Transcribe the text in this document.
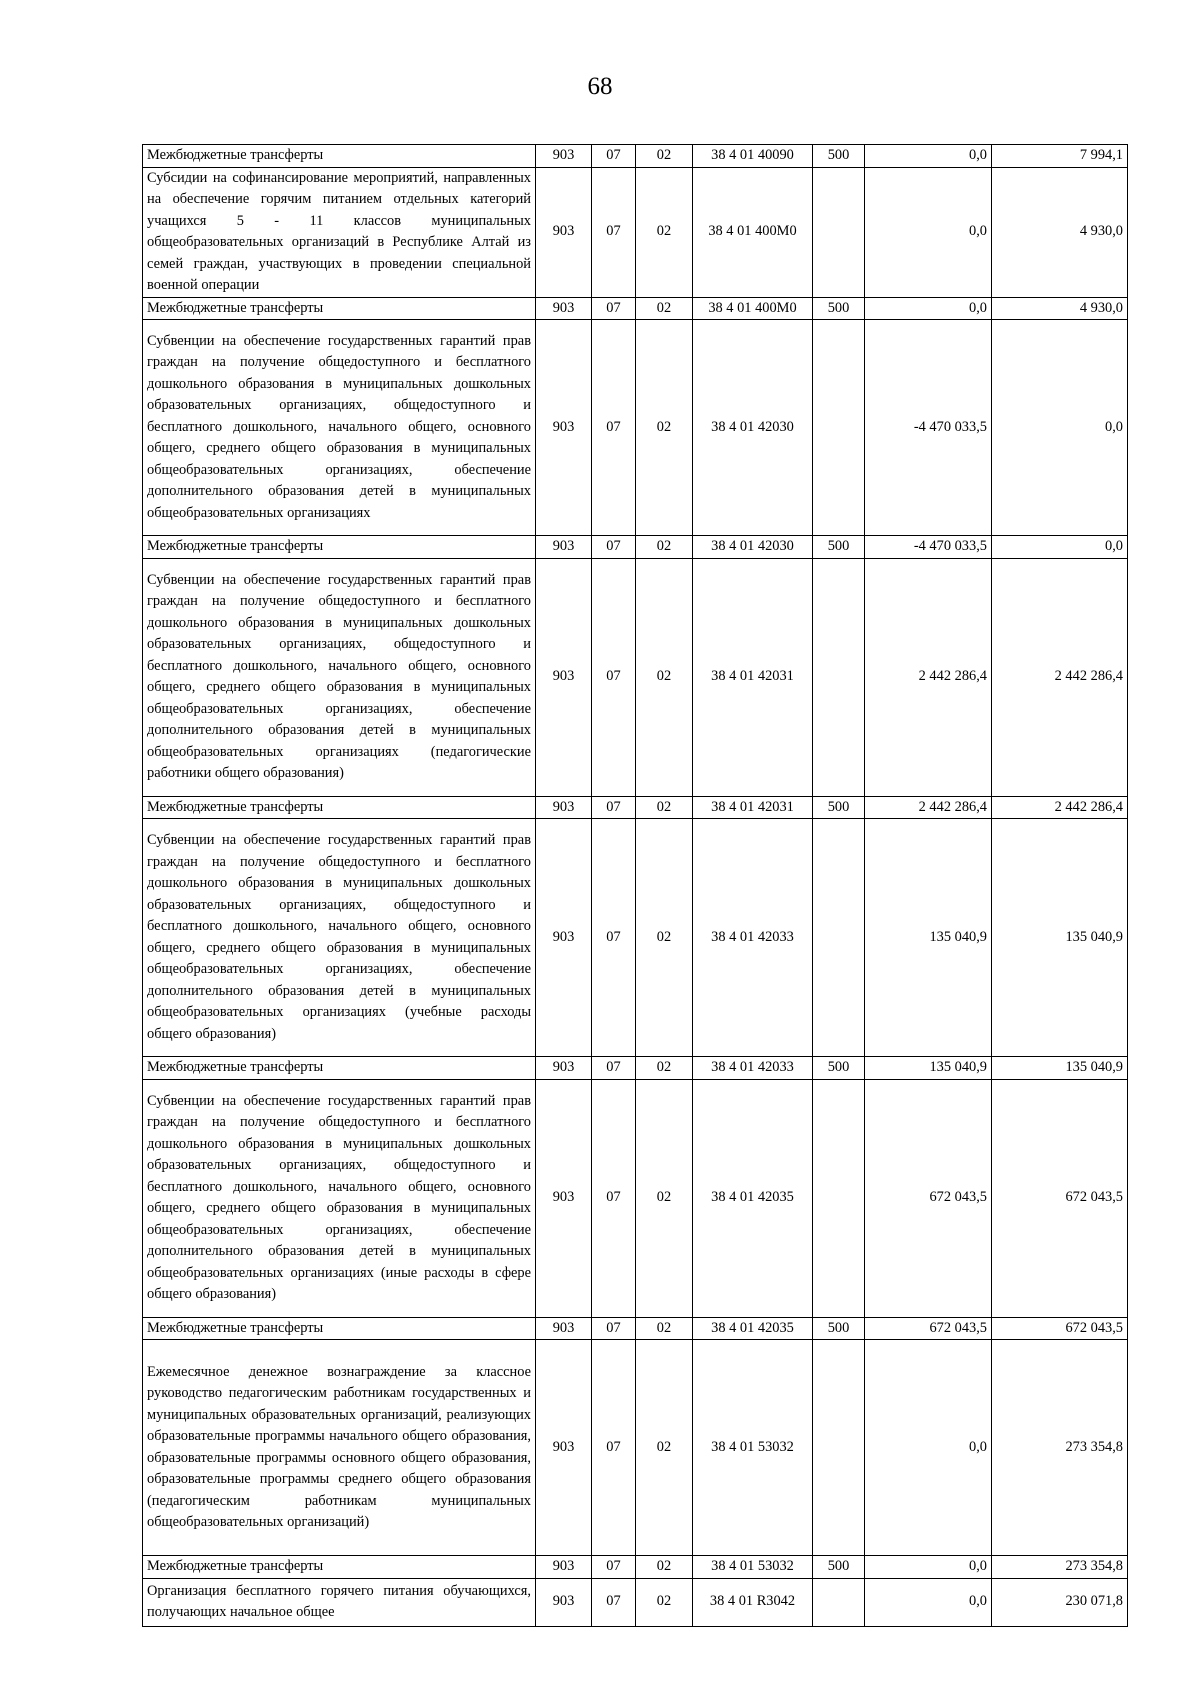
68
Межбюджетные трансферты	903	07	02	38 4 01 40090	500	0,0	7 994,1
Субсидии на софинансирование мероприятий, направленных на обеспечение горячим питанием отдельных категорий учащихся 5 - 11 классов муниципальных общеобразовательных организаций в Республике Алтай из семей граждан, участвующих в проведении специальной военной операции	903	07	02	38 4 01 400М0		0,0	4 930,0
Межбюджетные трансферты	903	07	02	38 4 01 400М0	500	0,0	4 930,0
Субвенции на обеспечение государственных гарантий прав граждан на получение общедоступного и бесплатного дошкольного образования в муниципальных дошкольных образовательных организациях, общедоступного и бесплатного дошкольного, начального общего, основного общего, среднего общего образования в муниципальных общеобразовательных организациях, обеспечение дополнительного образования детей в муниципальных общеобразовательных организациях	903	07	02	38 4 01 42030		-4 470 033,5	0,0
Межбюджетные трансферты	903	07	02	38 4 01 42030	500	-4 470 033,5	0,0
Субвенции на обеспечение государственных гарантий прав граждан на получение общедоступного и бесплатного дошкольного образования в муниципальных дошкольных образовательных организациях, общедоступного и бесплатного дошкольного, начального общего, основного общего, среднего общего образования в муниципальных общеобразовательных организациях, обеспечение дополнительного образования детей в муниципальных общеобразовательных организациях (педагогические работники общего образования)	903	07	02	38 4 01 42031		2 442 286,4	2 442 286,4
Межбюджетные трансферты	903	07	02	38 4 01 42031	500	2 442 286,4	2 442 286,4
Субвенции на обеспечение государственных гарантий прав граждан на получение общедоступного и бесплатного дошкольного образования в муниципальных дошкольных образовательных организациях, общедоступного и бесплатного дошкольного, начального общего, основного общего, среднего общего образования в муниципальных общеобразовательных организациях, обеспечение дополнительного образования детей в муниципальных общеобразовательных организациях (учебные расходы общего образования)	903	07	02	38 4 01 42033		135 040,9	135 040,9
Межбюджетные трансферты	903	07	02	38 4 01 42033	500	135 040,9	135 040,9
Субвенции на обеспечение государственных гарантий прав граждан на получение общедоступного и бесплатного дошкольного образования в муниципальных дошкольных образовательных организациях, общедоступного и бесплатного дошкольного, начального общего, основного общего, среднего общего образования в муниципальных общеобразовательных организациях, обеспечение дополнительного образования детей в муниципальных общеобразовательных организациях (иные расходы в сфере общего образования)	903	07	02	38 4 01 42035		672 043,5	672 043,5
Межбюджетные трансферты	903	07	02	38 4 01 42035	500	672 043,5	672 043,5
Ежемесячное денежное вознаграждение за классное руководство педагогическим работникам государственных и муниципальных образовательных организаций, реализующих образовательные программы начального общего образования, образовательные программы основного общего образования, образовательные программы среднего общего образования (педагогическим работникам муниципальных общеобразовательных организаций)	903	07	02	38 4 01 53032		0,0	273 354,8
Межбюджетные трансферты	903	07	02	38 4 01 53032	500	0,0	273 354,8
Организация бесплатного горячего питания обучающихся, получающих начальное общее	903	07	02	38 4 01 R3042		0,0	230 071,8
